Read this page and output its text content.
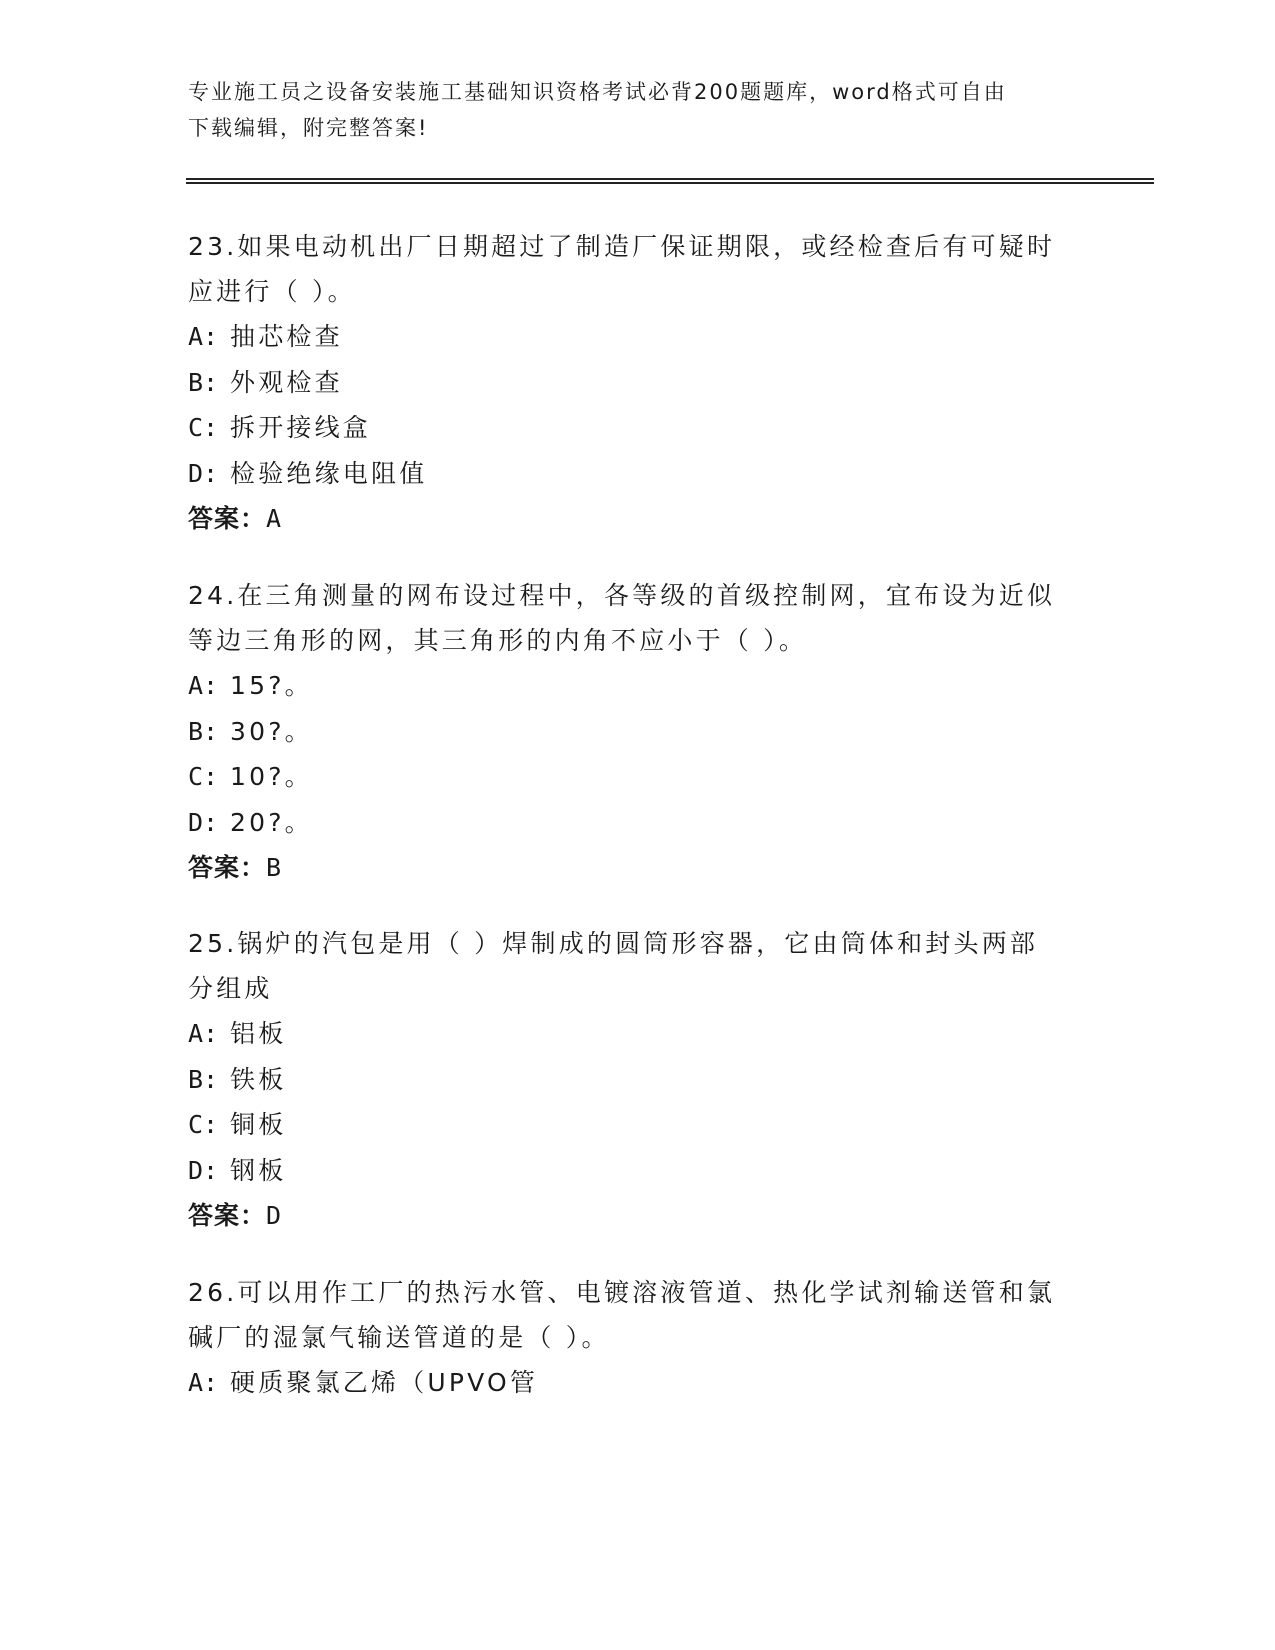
专业施工员之设备安装施工基础知识资格考试必背200题题库，word格式可自由
下载编辑，附完整答案!
23.如果电动机出厂日期超过了制造厂保证期限，或经检查后有可疑时
应进行（ ）。
A: 抽芯检查
B: 外观检查
C: 拆开接线盒
D: 检验绝缘电阻值
答案：A
24.在三角测量的网布设过程中，各等级的首级控制网，宜布设为近似
等边三角形的网，其三角形的内角不应小于（ ）。
A: 15?。
B: 30?。
C: 10?。
D: 20?。
答案：B
25.锅炉的汽包是用（ ）焊制成的圆筒形容器，它由筒体和封头两部
分组成
A: 铝板
B: 铁板
C: 铜板
D: 钢板
答案：D
26.可以用作工厂的热污水管、电镀溶液管道、热化学试剂输送管和氯
碱厂的湿氯气输送管道的是（ ）。
A: 硬质聚氯乙烯（UPVO管
